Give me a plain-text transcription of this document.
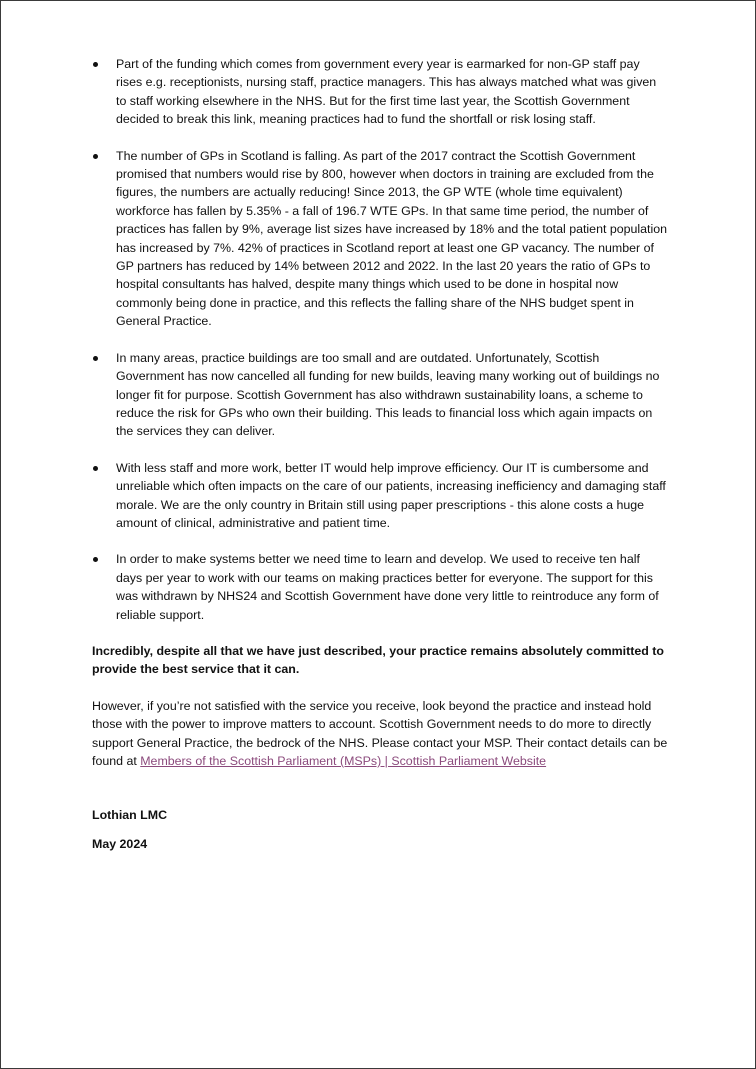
Part of the funding which comes from government every year is earmarked for non-GP staff pay rises e.g. receptionists, nursing staff, practice managers. This has always matched what was given to staff working elsewhere in the NHS. But for the first time last year, the Scottish Government decided to break this link, meaning practices had to fund the shortfall or risk losing staff.
The number of GPs in Scotland is falling. As part of the 2017 contract the Scottish Government promised that numbers would rise by 800, however when doctors in training are excluded from the figures, the numbers are actually reducing! Since 2013, the GP WTE (whole time equivalent) workforce has fallen by 5.35% - a fall of 196.7 WTE GPs. In that same time period, the number of practices has fallen by 9%, average list sizes have increased by 18% and the total patient population has increased by 7%. 42% of practices in Scotland report at least one GP vacancy. The number of GP partners has reduced by 14% between 2012 and 2022. In the last 20 years the ratio of GPs to hospital consultants has halved, despite many things which used to be done in hospital now commonly being done in practice, and this reflects the falling share of the NHS budget spent in General Practice.
In many areas, practice buildings are too small and are outdated. Unfortunately, Scottish Government has now cancelled all funding for new builds, leaving many working out of buildings no longer fit for purpose. Scottish Government has also withdrawn sustainability loans, a scheme to reduce the risk for GPs who own their building. This leads to financial loss which again impacts on the services they can deliver.
With less staff and more work, better IT would help improve efficiency. Our IT is cumbersome and unreliable which often impacts on the care of our patients, increasing inefficiency and damaging staff morale. We are the only country in Britain still using paper prescriptions - this alone costs a huge amount of clinical, administrative and patient time.
In order to make systems better we need time to learn and develop. We used to receive ten half days per year to work with our teams on making practices better for everyone. The support for this was withdrawn by NHS24 and Scottish Government have done very little to reintroduce any form of reliable support.

Incredibly, despite all that we have just described, your practice remains absolutely committed to provide the best service that it can.

However, if you’re not satisfied with the service you receive, look beyond the practice and instead hold those with the power to improve matters to account. Scottish Government needs to do more to directly support General Practice, the bedrock of the NHS. Please contact your MSP. Their contact details can be found at Members of the Scottish Parliament (MSPs) | Scottish Parliament Website

Lothian LMC

May 2024
